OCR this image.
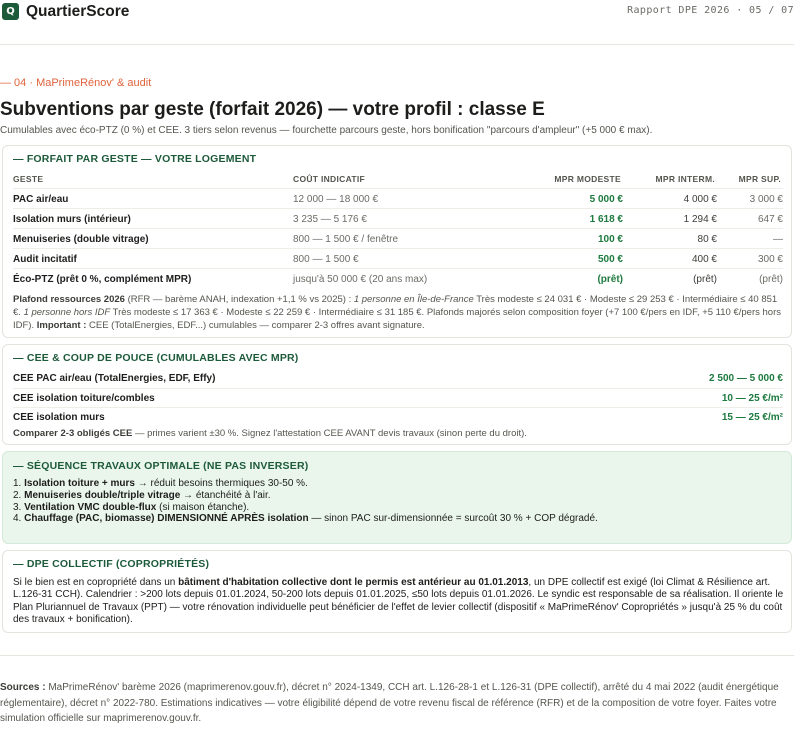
Q QuartierScore	Rapport DPE 2026 · 05 / 07
— 04 · MaPrimeRénov' & audit
Subventions par geste (forfait 2026) — votre profil : classe E
Cumulables avec éco-PTZ (0 %) et CEE. 3 tiers selon revenus — fourchette parcours geste, hors bonification "parcours d'ampleur" (+5 000 € max).
— FORFAIT PAR GESTE — VOTRE LOGEMENT
GESTE	COÛT INDICATIF	MPR MODESTE	MPR INTERM.	MPR SUP.
PAC air/eau	12 000 — 18 000 €	5 000 €	4 000 €	3 000 €
Isolation murs (intérieur)	3 235 — 5 176 €	1 618 €	1 294 €	647 €
Menuiseries (double vitrage)	800 — 1 500 € / fenêtre	100 €	80 €	—
Audit incitatif	800 — 1 500 €	500 €	400 €	300 €
Éco-PTZ (prêt 0 %, complément MPR)	jusqu'à 50 000 € (20 ans max)	(prêt)	(prêt)	(prêt)
Plafond ressources 2026 (RFR — barème ANAH, indexation +1,1 % vs 2025) : 1 personne en Île-de-France Très modeste ≤ 24 031 € · Modeste ≤ 29 253 € · Intermédiaire ≤ 40 851 €. 1 personne hors IDF Très modeste ≤ 17 363 € · Modeste ≤ 22 259 € · Intermédiaire ≤ 31 185 €. Plafonds majorés selon composition foyer (+7 100 €/pers en IDF, +5 110 €/pers hors IDF). Important : CEE (TotalEnergies, EDF...) cumulables — comparer 2-3 offres avant signature.
— CEE & COUP DE POUCE (CUMULABLES AVEC MPR)
CEE PAC air/eau (TotalEnergies, EDF, Effy)	2 500 — 5 000 €
CEE isolation toiture/combles	10 — 25 €/m²
CEE isolation murs	15 — 25 €/m²
Comparer 2-3 obligés CEE — primes varient ±30 %. Signez l'attestation CEE AVANT devis travaux (sinon perte du droit).
— SÉQUENCE TRAVAUX OPTIMALE (NE PAS INVERSER)
1. Isolation toiture + murs → réduit besoins thermiques 30-50 %.
2. Menuiseries double/triple vitrage → étanchéité à l'air.
3. Ventilation VMC double-flux (si maison étanche).
4. Chauffage (PAC, biomasse) DIMENSIONNÉ APRÈS isolation — sinon PAC sur-dimensionnée = surcoût 30 % + COP dégradé.
— DPE COLLECTIF (COPROPRIÉTÉS)
Si le bien est en copropriété dans un bâtiment d'habitation collective dont le permis est antérieur au 01.01.2013, un DPE collectif est exigé (loi Climat & Résilience art. L.126-31 CCH). Calendrier : >200 lots depuis 01.01.2024, 50-200 lots depuis 01.01.2025, ≤50 lots depuis 01.01.2026. Le syndic est responsable de sa réalisation. Il oriente le Plan Pluriannuel de Travaux (PPT) — votre rénovation individuelle peut bénéficier de l'effet de levier collectif (dispositif « MaPrimeRénov' Copropriétés » jusqu'à 25 % du coût des travaux + bonification).
Sources : MaPrimeRénov' barème 2026 (maprimerenov.gouv.fr), décret n° 2024-1349, CCH art. L.126-28-1 et L.126-31 (DPE collectif), arrêté du 4 mai 2022 (audit énergétique réglementaire), décret n° 2022-780. Estimations indicatives — votre éligibilité dépend de votre revenu fiscal de référence (RFR) et de la composition de votre foyer. Faites votre simulation officielle sur maprimerenov.gouv.fr.
